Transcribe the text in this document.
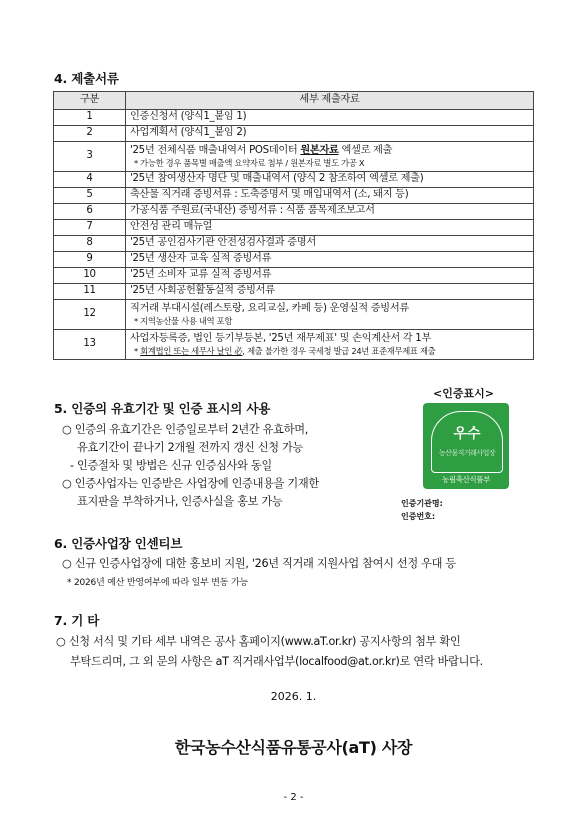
4. 제출서류
구분	세부 제출자료
1	인증신청서 (양식1_붙임 1)
2	사업계획서 (양식1_붙임 2)
3	'25년 전체식품 매출내역서 POS데이터 원본자료 엑셀로 제출
* 가능한 경우 품목별 매출액 요약자료 첨부 / 원본자료 별도 가공 X

4	'25년 참여생산자 명단 및 매출내역서 (양식 2 참조하여 엑셀로 제출)
5	축산물 직거래 증빙서류 : 도축증명서 및 매입내역서 (소, 돼지 등)
6	가공식품 주원료(국내산) 증빙서류 : 식품 품목제조보고서
7	안전성 관리 매뉴얼
8	'25년 공인검사기관 안전성검사결과 증명서
9	'25년 생산자 교육 실적 증빙서류
10	'25년 소비자 교류 실적 증빙서류
11	'25년 사회공헌활동실적 증빙서류
12	직거래 부대시설(레스토랑, 요리교실, 카페 등) 운영실적 증빙서류
* 지역농산물 사용 내역 포함

13	사업자등록증, 법인 등기부등본, '25년 재무제표' 및 손익계산서 각 1부
* 회계법인 또는 세무사 날인 必, 제출 불가한 경우 국세청 발급 24년 표준재무제표 제출
5. 인증의 유효기간 및 인증 표시의 사용
○ 인증의 유효기간은 인증일로부터 2년간 유효하며,
유효기간이 끝나기 2개월 전까지 갱신 신청 가능
- 인증절차 및 방법은 신규 인증심사와 동일
○ 인증사업자는 인증받은 사업장에 인증내용을 기재한
표지판을 부착하거나, 인증사실을 홍보 가능
<인증표시>
우수
농산물직거래사업장
농림축산식품부
인증기관명:
인증번호:
6. 인증사업장 인센티브
○ 신규 인증사업장에 대한 홍보비 지원, '26년 직거래 지원사업 참여시 선정 우대 등
* 2026년 예산 반영여부에 따라 일부 변동 가능
7. 기 타
○ 신청 서식 및 기타 세부 내역은 공사 홈페이지(www.aT.or.kr) 공지사항의 첨부 확인
부탁드리며, 그 외 문의 사항은 aT 직거래사업부(localfood@at.or.kr)로 연락 바랍니다.
2026. 1.
한국농수산식품유통공사(aT) 사장
- 2 -
